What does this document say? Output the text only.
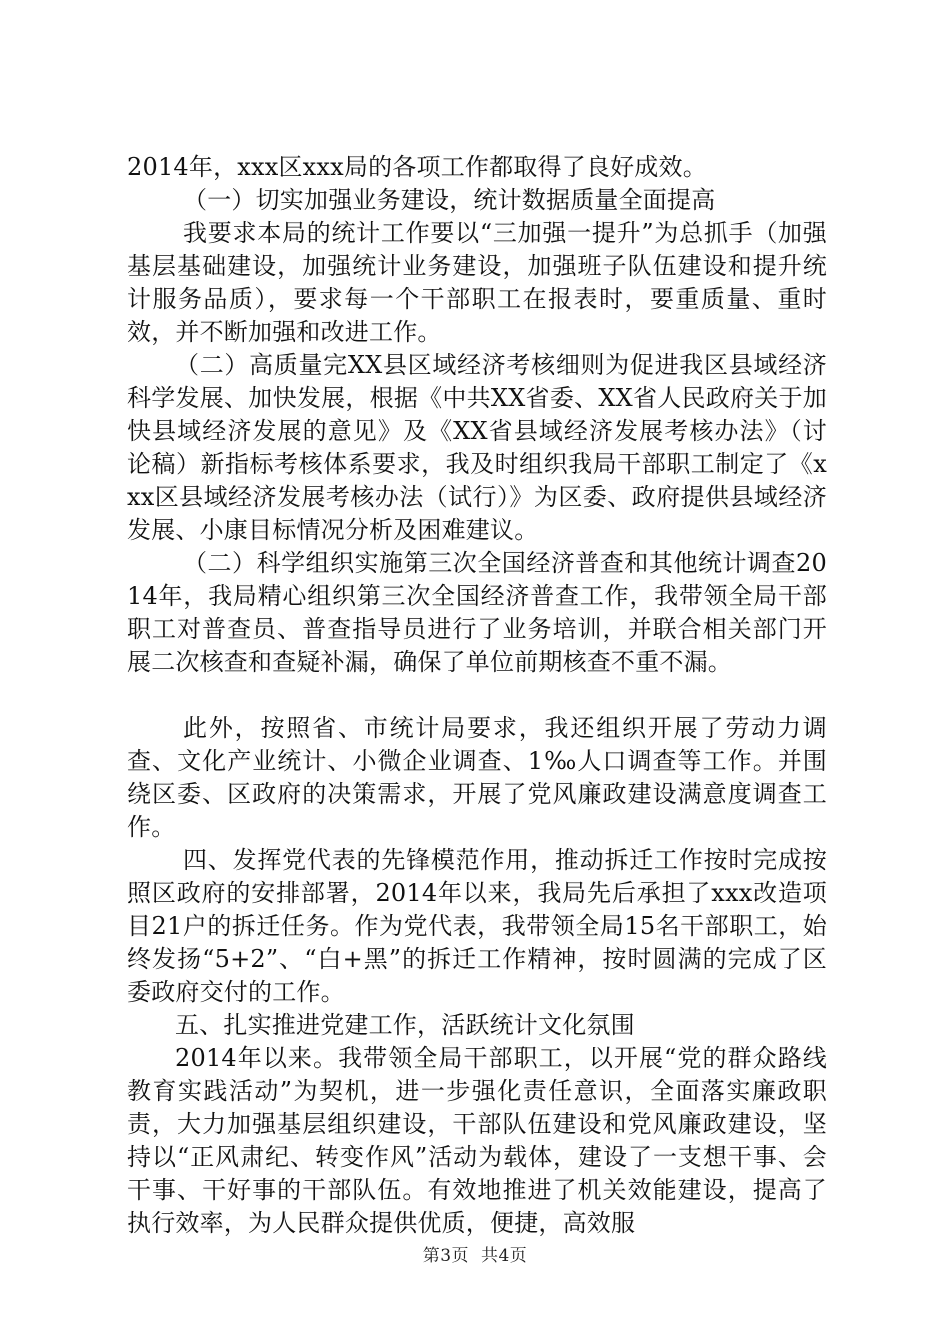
2014年，xxx区xxx局的各项工作都取得了良好成效。

（一）切实加强业务建设，统计数据质量全面提高

我要求本局的统计工作要以“三加强一提升”为总抓手（加强基层基础建设，加强统计业务建设，加强班子队伍建设和提升统计服务品质），要求每一个干部职工在报表时，要重质量、重时效，并不断加强和改进工作。

（二）高质量完XX县区域经济考核细则为促进我区县域经济科学发展、加快发展，根据《中共XX省委、XX省人民政府关于加快县域经济发展的意见》及《XX省县域经济发展考核办法》（讨论稿）新指标考核体系要求，我及时组织我局干部职工制定了《xxx区县域经济发展考核办法（试行）》为区委、政府提供县域经济发展、小康目标情况分析及困难建议。

（二）科学组织实施第三次全国经济普查和其他统计调查2014年，我局精心组织第三次全国经济普查工作，我带领全局干部职工对普查员、普查指导员进行了业务培训，并联合相关部门开展二次核查和查疑补漏，确保了单位前期核查不重不漏。

此外，按照省、市统计局要求，我还组织开展了劳动力调查、文化产业统计、小微企业调查、1‰人口调查等工作。并围绕区委、区政府的决策需求，开展了党风廉政建设满意度调查工作。

四、发挥党代表的先锋模范作用，推动拆迁工作按时完成按照区政府的安排部署，2014年以来，我局先后承担了xxx改造项目21户的拆迁任务。作为党代表，我带领全局15名干部职工，始终发扬“5+2”、“白+黑”的拆迁工作精神，按时圆满的完成了区委政府交付的工作。

五、扎实推进党建工作，活跃统计文化氛围

2014年以来。我带领全局干部职工，以开展“党的群众路线教育实践活动”为契机，进一步强化责任意识，全面落实廉政职责，大力加强基层组织建设，干部队伍建设和党风廉政建设，坚持以“正风肃纪、转变作风”活动为载体，建设了一支想干事、会干事、干好事的干部队伍。有效地推进了机关效能建设，提高了执行效率，为人民群众提供优质，便捷，高效服

第3页 共4页
